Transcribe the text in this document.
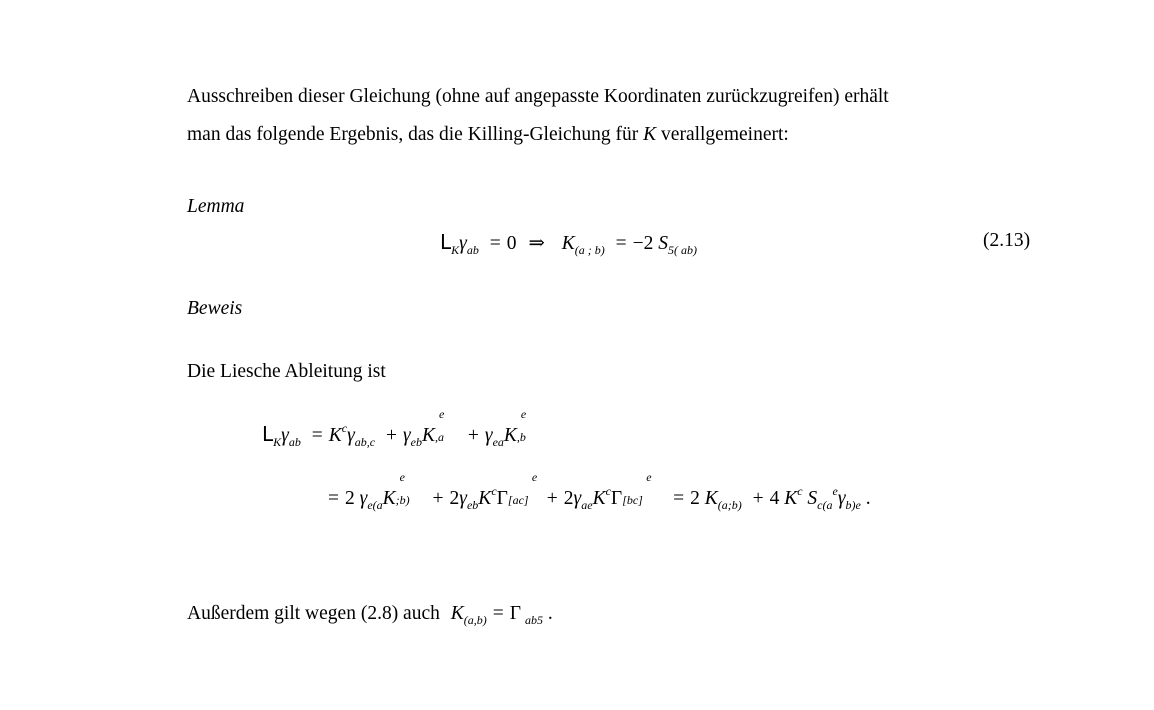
Ausschreiben dieser Gleichung (ohne auf angepasste Koordinaten zurückzugreifen) erhält
man das folgende Ergebnis, das die Killing-Gleichung für K verallgemeinert:
Lemma
$L_K\gamma_{ab} = 0$ ⇒ $K_{(a ; b)} = -2$ $S_{5( ab)}$	(2.13)
Beweis
Die Liesche Ableitung ist
$L_K\gamma_{ab} = K^c\gamma_{ab,c} + \gamma_{eb}K$
e
$,a + \gamma_{ea}K$
e
,b
= 2 $\gamma_{e(a}K$
e
;b) + $2\gamma_{eb}K^c\Gamma$
e
$[ac] + 2\gamma_{ae}K^c\Gamma$
e
[bc] = 2 $K_{(a;b)} + 4$ $K^c$ $S_{c(a}^e\gamma_{b)e}$ .
Außerdem gilt wegen (2.8) auch $K_{(a,b)} = \Gamma$ $_{ab5}$ .
